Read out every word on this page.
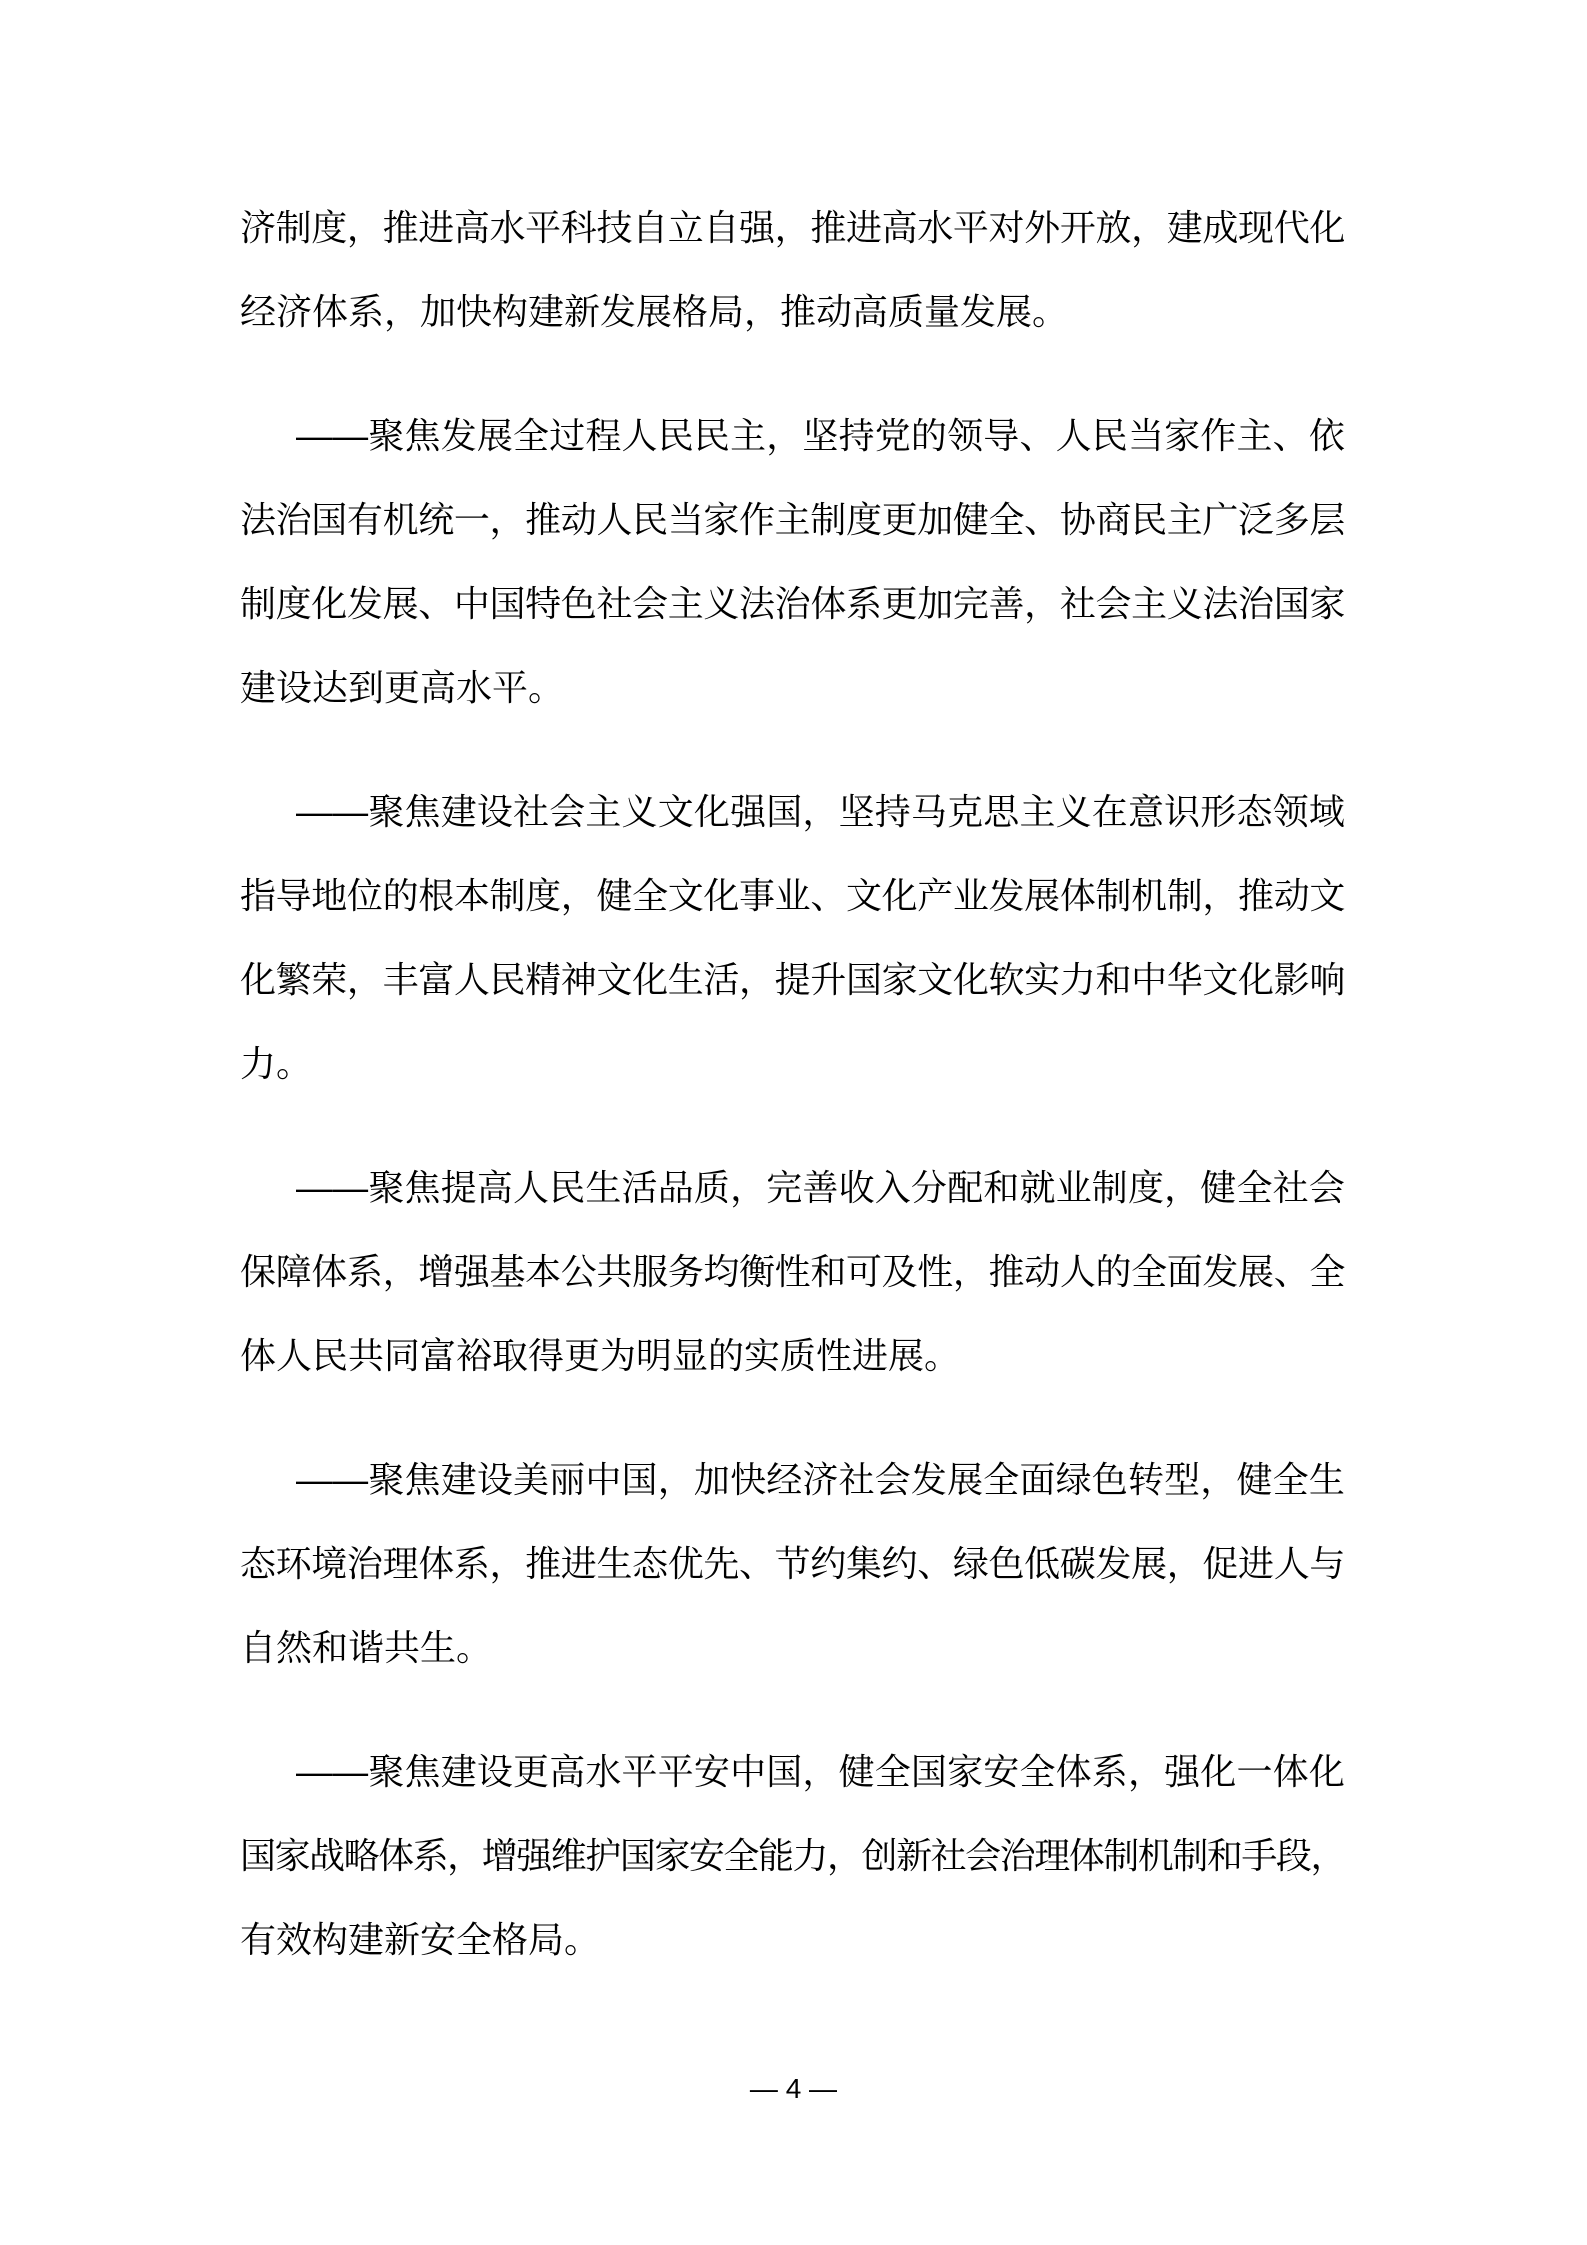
济制度，推进高水平科技自立自强，推进高水平对外开放，建成现代化
经济体系，加快构建新发展格局，推动高质量发展。

——聚焦发展全过程人民民主，坚持党的领导、人民当家作主、依
法治国有机统一，推动人民当家作主制度更加健全、协商民主广泛多层
制度化发展、中国特色社会主义法治体系更加完善，社会主义法治国家
建设达到更高水平。

——聚焦建设社会主义文化强国，坚持马克思主义在意识形态领域
指导地位的根本制度，健全文化事业、文化产业发展体制机制，推动文
化繁荣，丰富人民精神文化生活，提升国家文化软实力和中华文化影响
力。

——聚焦提高人民生活品质，完善收入分配和就业制度，健全社会
保障体系，增强基本公共服务均衡性和可及性，推动人的全面发展、全
体人民共同富裕取得更为明显的实质性进展。

——聚焦建设美丽中国，加快经济社会发展全面绿色转型，健全生
态环境治理体系，推进生态优先、节约集约、绿色低碳发展，促进人与
自然和谐共生。

——聚焦建设更高水平平安中国，健全国家安全体系，强化一体化
国家战略体系，增强维护国家安全能力，创新社会治理体制机制和手段，
有效构建新安全格局。

— 4 —
